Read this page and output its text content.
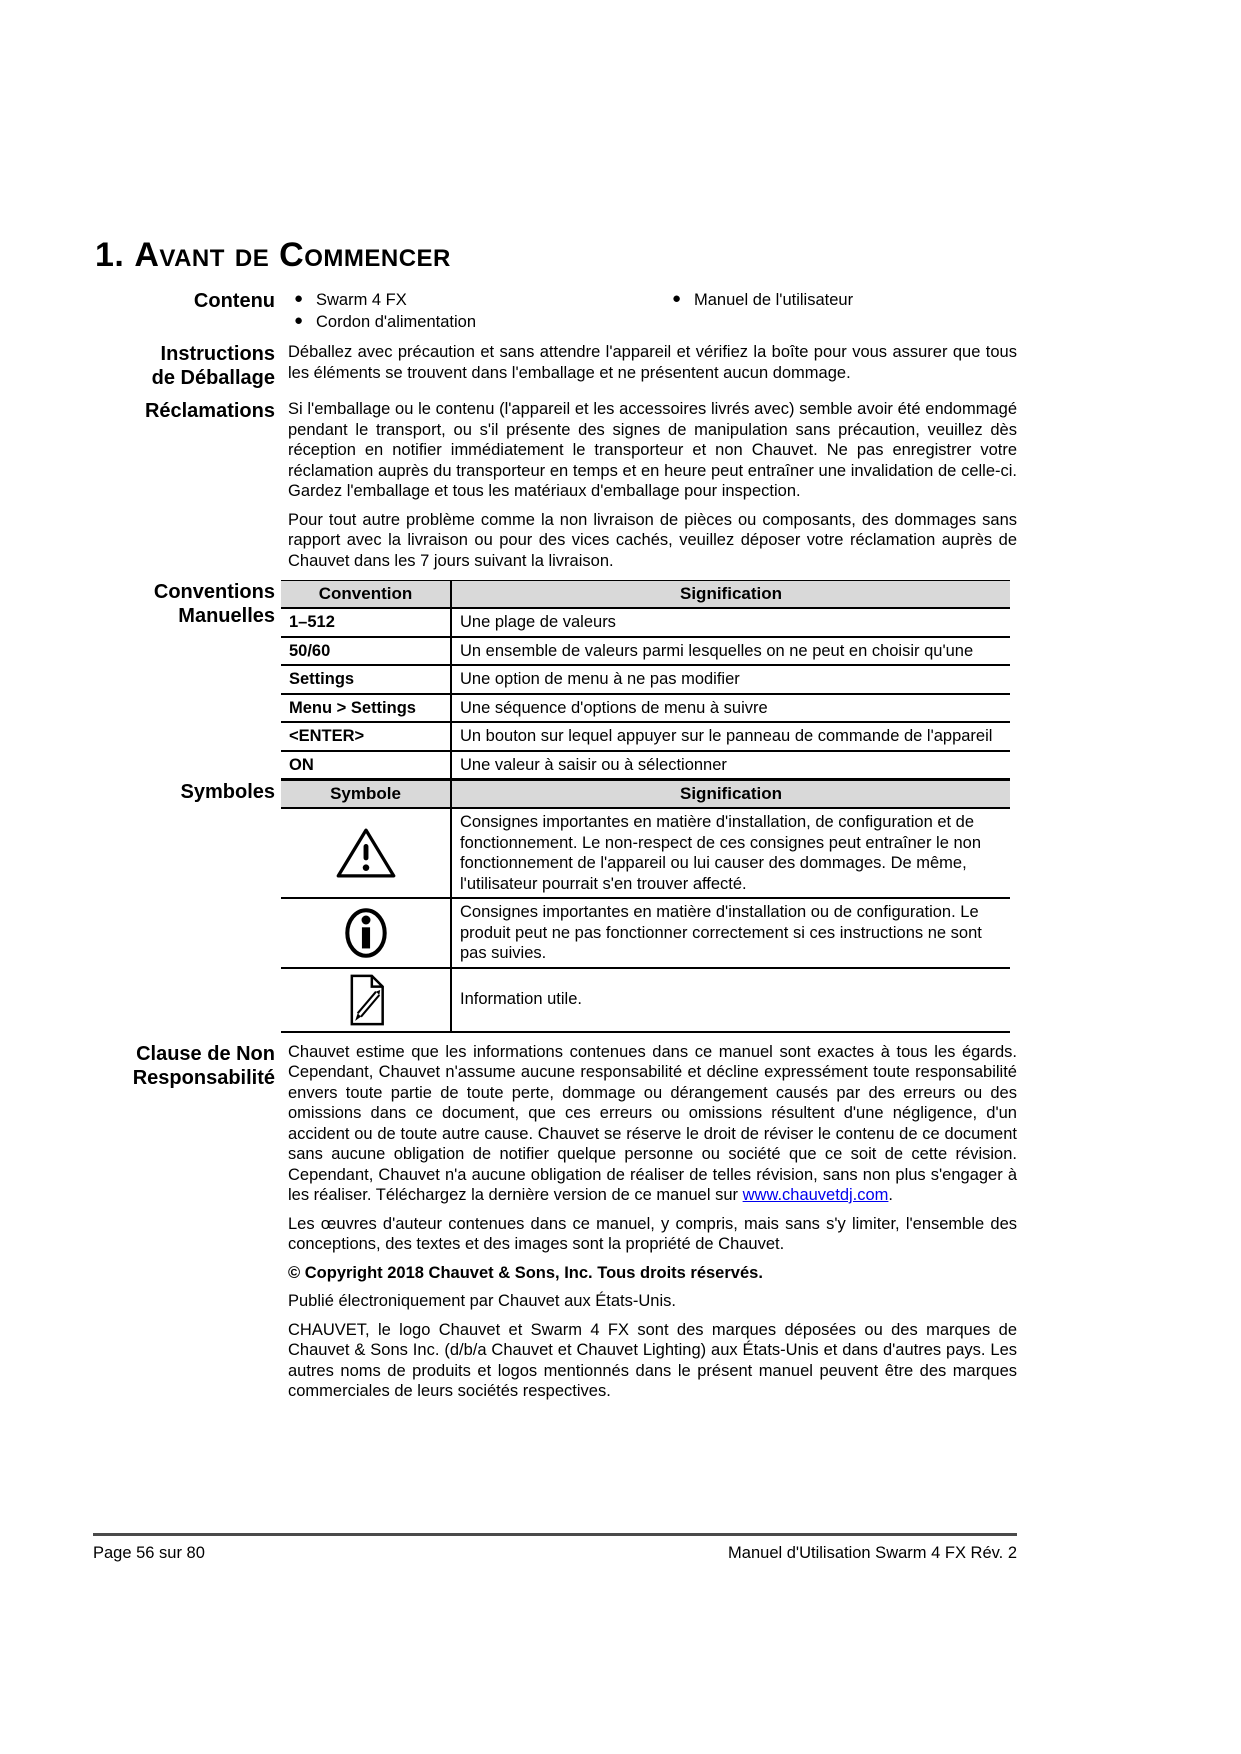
1. Avant de Commencer
Contenu ● Swarm 4 FX
● Cordon d'alimentation
● Manuel de l'utilisateur
Instructions
de Déballage

Déballez avec précaution et sans attendre l'appareil et vérifiez la boîte pour vous assurer que tous les éléments se trouvent dans l'emballage et ne présentent aucun dommage.

Réclamations Si l'emballage ou le contenu (l'appareil et les accessoires livrés avec) semble avoir été endommagé pendant le transport, ou s'il présente des signes de manipulation sans précaution, veuillez dès réception en notifier immédiatement le transporteur et non Chauvet. Ne pas enregistrer votre réclamation auprès du transporteur en temps et en heure peut entraîner une invalidation de celle-ci. Gardez l'emballage et tous les matériaux d'emballage pour inspection.

Pour tout autre problème comme la non livraison de pièces ou composants, des dommages sans rapport avec la livraison ou pour des vices cachés, veuillez déposer votre réclamation auprès de Chauvet dans les 7 jours suivant la livraison.

Conventions
Manuelles
Convention	Signification
1–512	Une plage de valeurs
50/60	Un ensemble de valeurs parmi lesquelles on ne peut en choisir qu'une
Settings	Une option de menu à ne pas modifier
Menu > Settings	Une séquence d'options de menu à suivre
<ENTER>	Un bouton sur lequel appuyer sur le panneau de commande de l'appareil
ON	Une valeur à saisir ou à sélectionner
Symboles	Symbole	Signification
	Consignes importantes en matière d'installation, de configuration et de fonctionnement. Le non-respect de ces consignes peut entraîner le non fonctionnement de l'appareil ou lui causer des dommages. De même, l'utilisateur pourrait s'en trouver affecté.
	Consignes importantes en matière d'installation ou de configuration. Le produit peut ne pas fonctionner correctement si ces instructions ne sont pas suivies.
	Information utile.
Clause de Non
Responsabilité

Chauvet estime que les informations contenues dans ce manuel sont exactes à tous les égards. Cependant, Chauvet n'assume aucune responsabilité et décline expressément toute responsabilité envers toute partie de toute perte, dommage ou dérangement causés par des erreurs ou des omissions dans ce document, que ces erreurs ou omissions résultent d'une négligence, d'un accident ou de toute autre cause. Chauvet se réserve le droit de réviser le contenu de ce document sans aucune obligation de notifier quelque personne ou société que ce soit de cette révision. Cependant, Chauvet n'a aucune obligation de réaliser de telles révision, sans non plus s'engager à les réaliser. Téléchargez la dernière version de ce manuel sur www.chauvetdj.com.

Les œuvres d'auteur contenues dans ce manuel, y compris, mais sans s'y limiter, l'ensemble des conceptions, des textes et des images sont la propriété de Chauvet.

© Copyright 2018 Chauvet & Sons, Inc. Tous droits réservés.

Publié électroniquement par Chauvet aux États-Unis.

CHAUVET, le logo Chauvet et Swarm 4 FX sont des marques déposées ou des marques de Chauvet & Sons Inc. (d/b/a Chauvet et Chauvet Lighting) aux États-Unis et dans d'autres pays. Les autres noms de produits et logos mentionnés dans le présent manuel peuvent être des marques commerciales de leurs sociétés respectives.

Page 56 sur 80	Manuel d'Utilisation Swarm 4 FX Rév. 2
